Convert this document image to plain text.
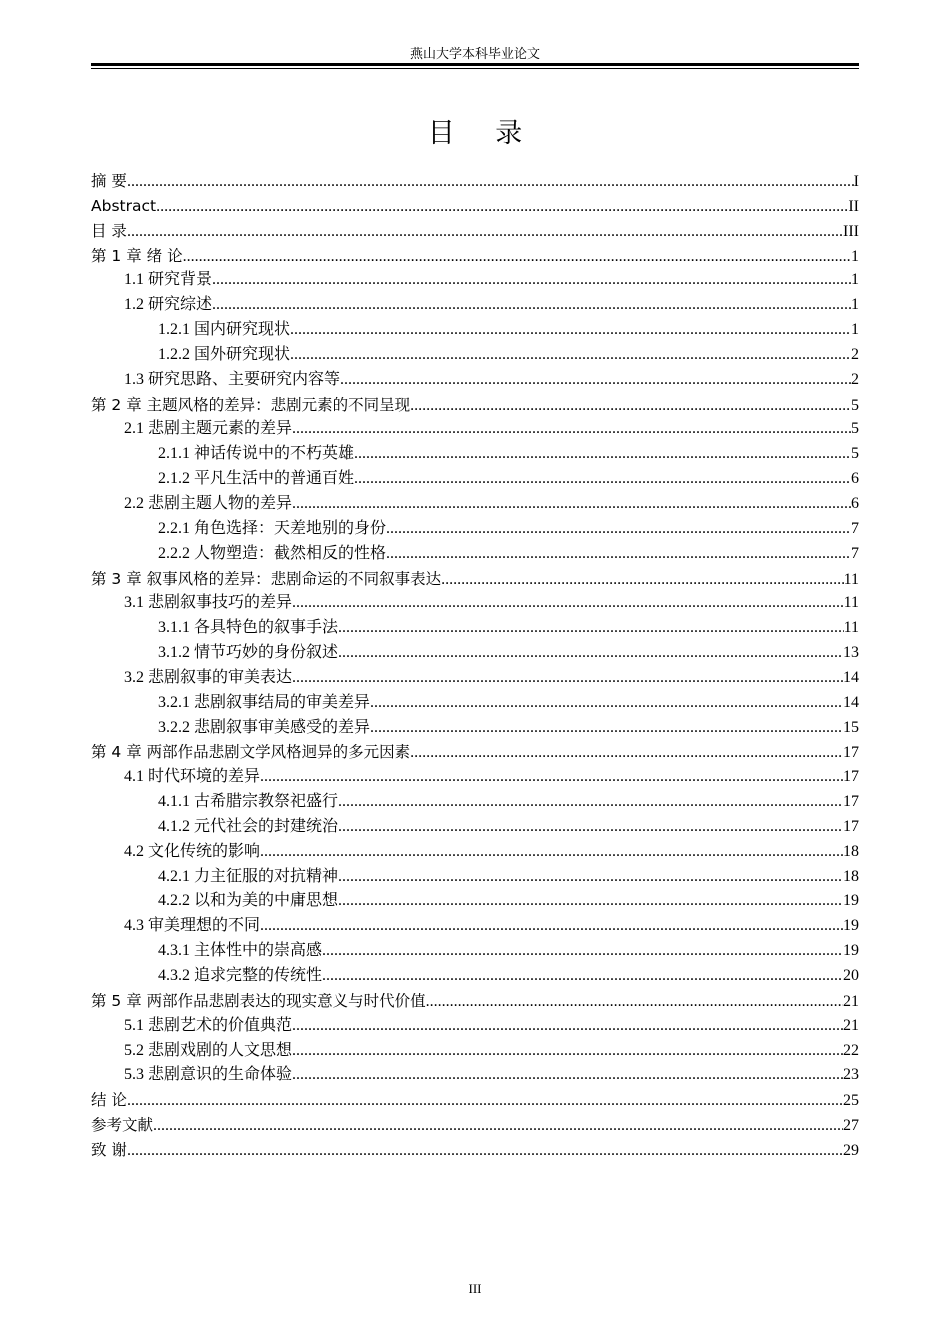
燕山大学本科毕业论文
目 录
摘 要 .....	I
Abstract .....	II
目 录 .....	III
第 1 章 绪 论 .....	1
1.1 研究背景 .....	1
1.2 研究综述 .....	1
1.2.1 国内研究现状 .....	1
1.2.2 国外研究现状 .....	2
1.3 研究思路、主要研究内容等 .....	2
第 2 章 主题风格的差异：悲剧元素的不同呈现 .....	5
2.1 悲剧主题元素的差异 .....	5
2.1.1 神话传说中的不朽英雄 .....	5
2.1.2 平凡生活中的普通百姓 .....	6
2.2 悲剧主题人物的差异 .....	6
2.2.1 角色选择：天差地别的身份 .....	7
2.2.2 人物塑造：截然相反的性格 .....	7
第 3 章 叙事风格的差异：悲剧命运的不同叙事表达 .....	11
3.1 悲剧叙事技巧的差异 .....	11
3.1.1 各具特色的叙事手法 .....	11
3.1.2 情节巧妙的身份叙述 .....	13
3.2 悲剧叙事的审美表达 .....	14
3.2.1 悲剧叙事结局的审美差异 .....	14
3.2.2 悲剧叙事审美感受的差异 .....	15
第 4 章 两部作品悲剧文学风格迥异的多元因素 .....	17
4.1 时代环境的差异 .....	17
4.1.1 古希腊宗教祭祀盛行 .....	17
4.1.2 元代社会的封建统治 .....	17
4.2 文化传统的影响 .....	18
4.2.1 力主征服的对抗精神 .....	18
4.2.2 以和为美的中庸思想 .....	19
4.3 审美理想的不同 .....	19
4.3.1 主体性中的崇高感 .....	19
4.3.2 追求完整的传统性 .....	20
第 5 章 两部作品悲剧表达的现实意义与时代价值 .....	21
5.1 悲剧艺术的价值典范 .....	21
5.2 悲剧戏剧的人文思想 .....	22
5.3 悲剧意识的生命体验 .....	23
结 论 .....	25
参考文献 .....	27
致 谢 .....	29
III
